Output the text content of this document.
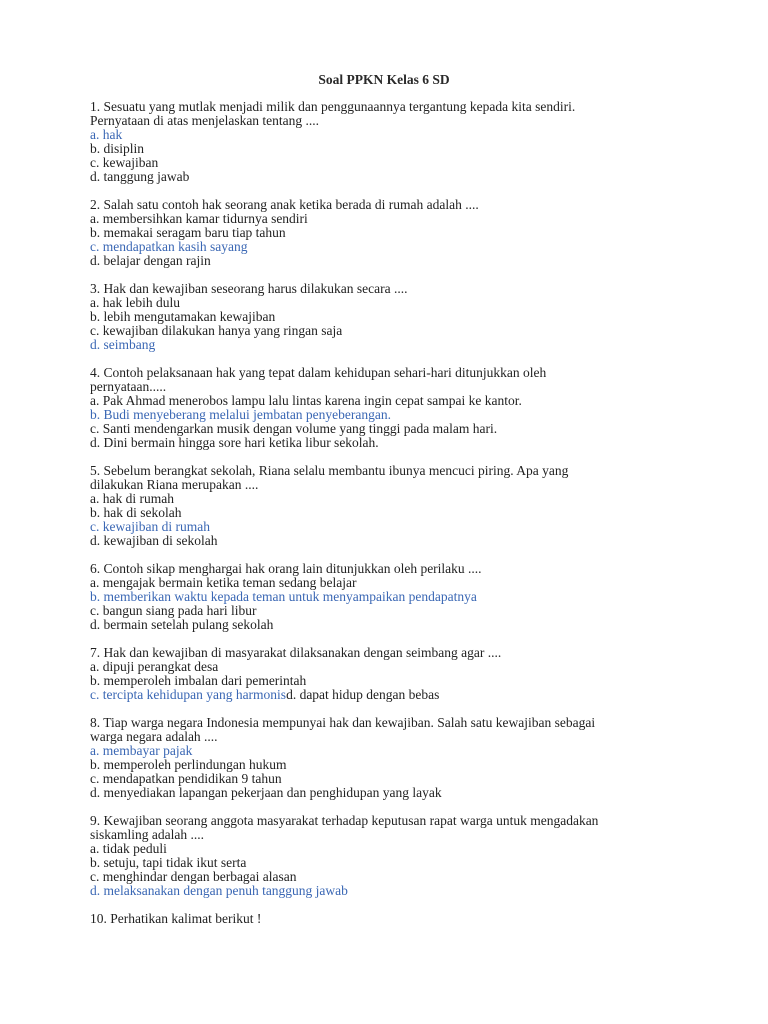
Soal PPKN Kelas 6 SD
1. Sesuatu yang mutlak menjadi milik dan penggunaannya tergantung kepada kita sendiri.
Pernyataan di atas menjelaskan tentang ....
a. hak
b. disiplin
c. kewajiban
d. tanggung jawab
2. Salah satu contoh hak seorang anak ketika berada di rumah adalah ....
a. membersihkan kamar tidurnya sendiri
b. memakai seragam baru tiap tahun
c. mendapatkan kasih sayang
d. belajar dengan rajin
3. Hak dan kewajiban seseorang harus dilakukan secara ....
a. hak lebih dulu
b. lebih mengutamakan kewajiban
c. kewajiban dilakukan hanya yang ringan saja
d. seimbang
4. Contoh pelaksanaan hak yang tepat dalam kehidupan sehari-hari ditunjukkan oleh
pernyataan.....
a. Pak Ahmad menerobos lampu lalu lintas karena ingin cepat sampai ke kantor.
b. Budi menyeberang melalui jembatan penyeberangan.
c. Santi mendengarkan musik dengan volume yang tinggi pada malam hari.
d. Dini bermain hingga sore hari ketika libur sekolah.
5. Sebelum berangkat sekolah, Riana selalu membantu ibunya mencuci piring. Apa yang
dilakukan Riana merupakan ....
a. hak di rumah
b. hak di sekolah
c. kewajiban di rumah
d. kewajiban di sekolah
6. Contoh sikap menghargai hak orang lain ditunjukkan oleh perilaku ....
a. mengajak bermain ketika teman sedang belajar
b. memberikan waktu kepada teman untuk menyampaikan pendapatnya
c. bangun siang pada hari libur
d. bermain setelah pulang sekolah
7. Hak dan kewajiban di masyarakat dilaksanakan dengan seimbang agar ....
a. dipuji perangkat desa
b. memperoleh imbalan dari pemerintah
c. tercipta kehidupan yang harmonisd. dapat hidup dengan bebas
8. Tiap warga negara Indonesia mempunyai hak dan kewajiban. Salah satu kewajiban sebagai
warga negara adalah ....
a. membayar pajak
b. memperoleh perlindungan hukum
c. mendapatkan pendidikan 9 tahun
d. menyediakan lapangan pekerjaan dan penghidupan yang layak
9. Kewajiban seorang anggota masyarakat terhadap keputusan rapat warga untuk mengadakan
siskamling adalah ....
a. tidak peduli
b. setuju, tapi tidak ikut serta
c. menghindar dengan berbagai alasan
d. melaksanakan dengan penuh tanggung jawab
10. Perhatikan kalimat berikut !
